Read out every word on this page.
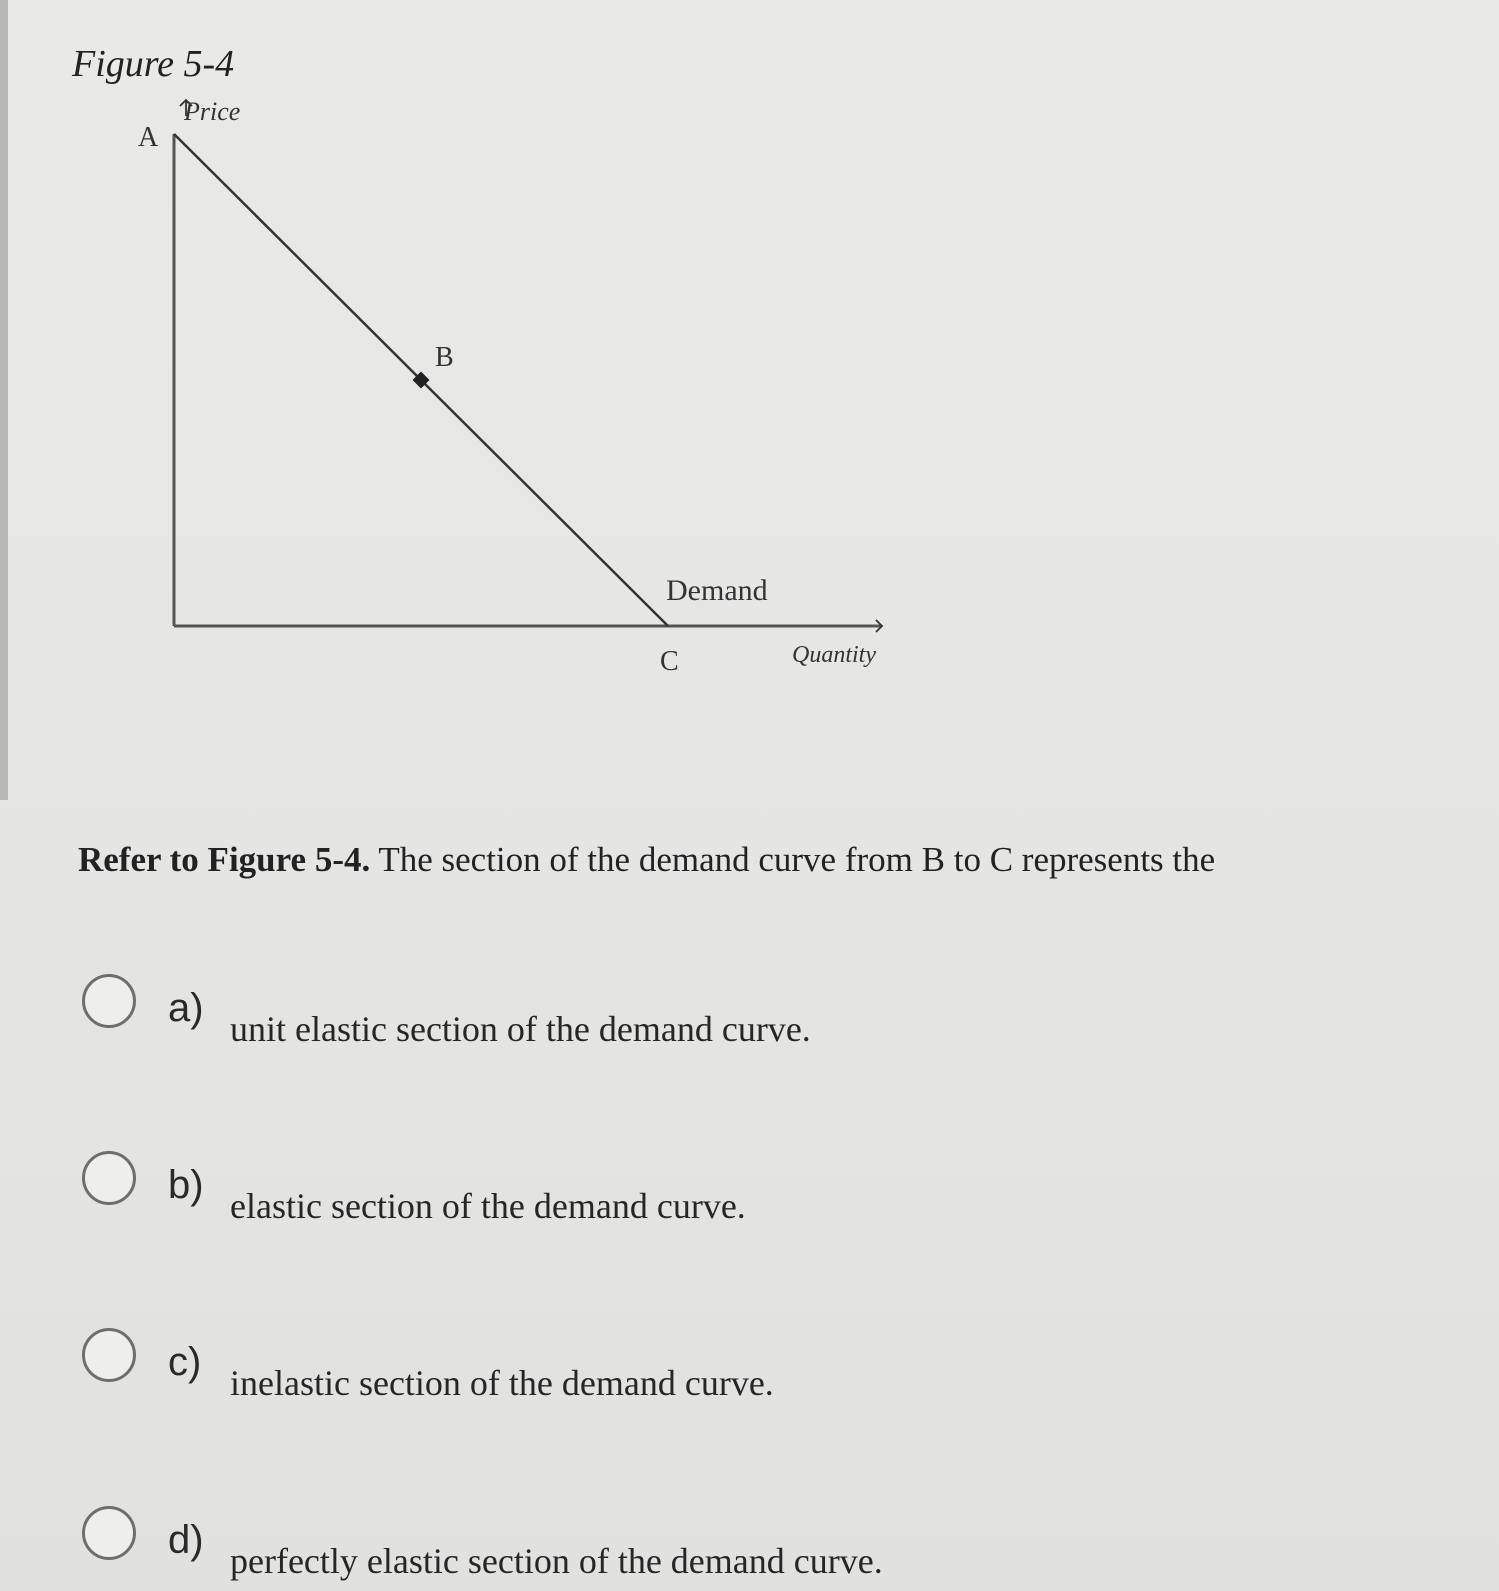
Figure 5-4
A
B
C
Price
Quantity
Demand
Refer to Figure 5-4. The section of the demand curve from B to C represents the
a) unit elastic section of the demand curve.
b) elastic section of the demand curve.
c) inelastic section of the demand curve.
d) perfectly elastic section of the demand curve.
